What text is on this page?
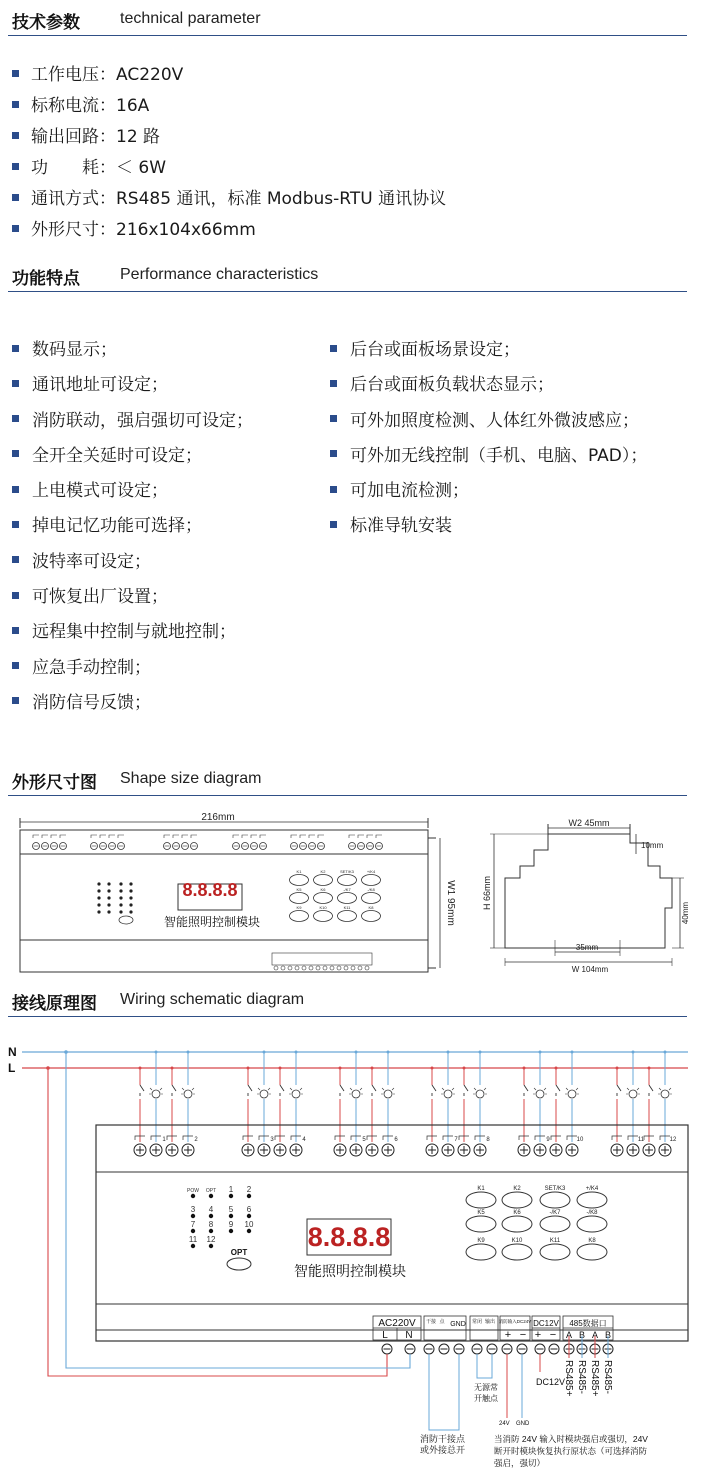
技术参数	technical parameter
工作电压：AC220V
标称电流：16A
输出回路：12 路
功　　耗：＜ 6W
通讯方式：RS485 通讯，标准 Modbus-RTU 通讯协议
外形尺寸：216x104x66mm
功能特点	Performance characteristics
数码显示；
通讯地址可设定；
消防联动，强启强切可设定；
全开全关延时可设定；
上电模式可设定；
掉电记忆功能可选择；
波特率可设定；
可恢复出厂设置；
远程集中控制与就地控制；
应急手动控制；
消防信号反馈；
后台或面板场景设定；
后台或面板负载状态显示；
可外加照度检测、人体红外微波感应；
可外加无线控制（手机、电脑、PAD）；
可加电流检测；
标准导轨安装
外形尺寸图 Shape size diagram
K1	K2	SET/K3	+/K4
K5	K6	-/K7	-/K8
K9	K10	K11	K8
216mm
W1 95mm
8.8.8.8
智能照明控制模块
W2 45mm
H 66mm
10mm
40mm
35mm
W 104mm
接线原理图 Wiring schematic diagram
N
L
1	2	3	4	5	6	7	8	9	10	11	12
POW OPT 1 2
3 4 5 6
7 8 9 10
11 12
OPT
K1	K2	SET/K3	+/K4
K5	K6	-/K7	-/K8
K9	K10	K11	K8
8.8.8.8
智能照明控制模块
AC220V
L N
干接 点 GND 常闭 输出 消防输入DC24V
+ −
DC12V
+ −
485数据口
A B A B
DC12V
RS485+ RS485- RS485+ RS485-
无源常
开触点
24V GND
消防干接点
或外接总开
当消防 24V 输入时模块强启或强切，24V
断开时模块恢复执行原状态（可选择消防
强启，强切）
